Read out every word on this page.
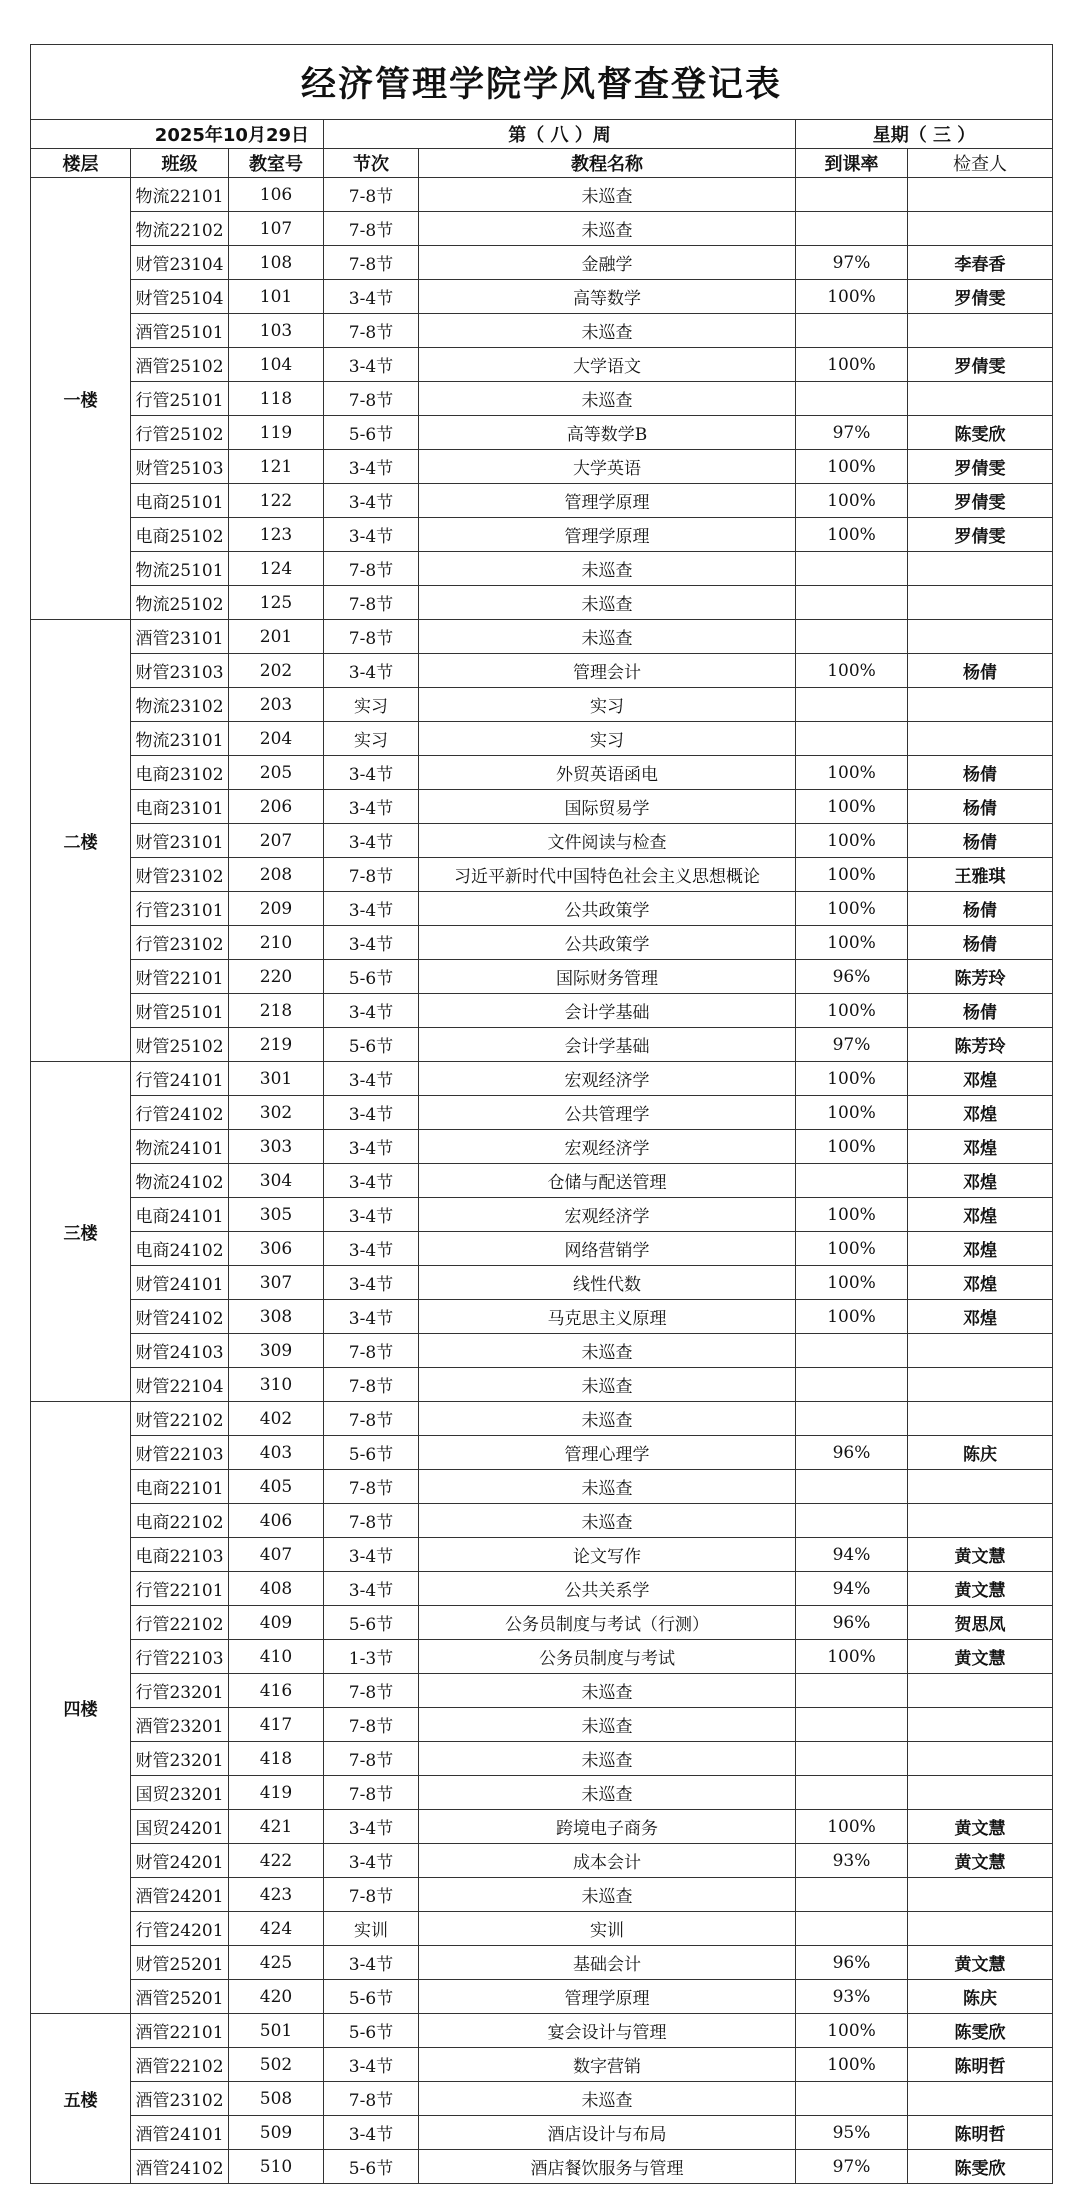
经济管理学院学风督查登记表						
2025年10月29日			第（ 八 ）周		星期（ 三 ）	
楼层	班级	教室号	节次	教程名称	到课率	检查人
一楼	物流22101	106	7-8节	未巡查		
	物流22102	107	7-8节	未巡查		
	财管23104	108	7-8节	金融学	97%	李春香
	财管25104	101	3-4节	高等数学	100%	罗倩雯
	酒管25101	103	7-8节	未巡查		
	酒管25102	104	3-4节	大学语文	100%	罗倩雯
	行管25101	118	7-8节	未巡查		
	行管25102	119	5-6节	高等数学B	97%	陈雯欣
	财管25103	121	3-4节	大学英语	100%	罗倩雯
	电商25101	122	3-4节	管理学原理	100%	罗倩雯
	电商25102	123	3-4节	管理学原理	100%	罗倩雯
	物流25101	124	7-8节	未巡查		
	物流25102	125	7-8节	未巡查		
二楼	酒管23101	201	7-8节	未巡查		
	财管23103	202	3-4节	管理会计	100%	杨倩
	物流23102	203	实习	实习		
	物流23101	204	实习	实习		
	电商23102	205	3-4节	外贸英语函电	100%	杨倩
	电商23101	206	3-4节	国际贸易学	100%	杨倩
	财管23101	207	3-4节	文件阅读与检查	100%	杨倩
	财管23102	208	7-8节	习近平新时代中国特色社会主义思想概论	100%	王雅琪
	行管23101	209	3-4节	公共政策学	100%	杨倩
	行管23102	210	3-4节	公共政策学	100%	杨倩
	财管22101	220	5-6节	国际财务管理	96%	陈芳玲
	财管25101	218	3-4节	会计学基础	100%	杨倩
	财管25102	219	5-6节	会计学基础	97%	陈芳玲
三楼	行管24101	301	3-4节	宏观经济学	100%	邓煌
	行管24102	302	3-4节	公共管理学	100%	邓煌
	物流24101	303	3-4节	宏观经济学	100%	邓煌
	物流24102	304	3-4节	仓储与配送管理		邓煌
	电商24101	305	3-4节	宏观经济学	100%	邓煌
	电商24102	306	3-4节	网络营销学	100%	邓煌
	财管24101	307	3-4节	线性代数	100%	邓煌
	财管24102	308	3-4节	马克思主义原理	100%	邓煌
	财管24103	309	7-8节	未巡查		
	财管22104	310	7-8节	未巡查		
四楼	财管22102	402	7-8节	未巡查		
	财管22103	403	5-6节	管理心理学	96%	陈庆
	电商22101	405	7-8节	未巡查		
	电商22102	406	7-8节	未巡查		
	电商22103	407	3-4节	论文写作	94%	黄文慧
	行管22101	408	3-4节	公共关系学	94%	黄文慧
	行管22102	409	5-6节	公务员制度与考试（行测）	96%	贺思凤
	行管22103	410	1-3节	公务员制度与考试	100%	黄文慧
	行管23201	416	7-8节	未巡查		
	酒管23201	417	7-8节	未巡查		
	财管23201	418	7-8节	未巡查		
	国贸23201	419	7-8节	未巡查		
	国贸24201	421	3-4节	跨境电子商务	100%	黄文慧
	财管24201	422	3-4节	成本会计	93%	黄文慧
	酒管24201	423	7-8节	未巡查		
	行管24201	424	实训	实训		
	财管25201	425	3-4节	基础会计	96%	黄文慧
	酒管25201	420	5-6节	管理学原理	93%	陈庆
五楼	酒管22101	501	5-6节	宴会设计与管理	100%	陈雯欣
	酒管22102	502	3-4节	数字营销	100%	陈明哲
	酒管23102	508	7-8节	未巡查		
	酒管24101	509	3-4节	酒店设计与布局	95%	陈明哲
	酒管24102	510	5-6节	酒店餐饮服务与管理	97%	陈雯欣
